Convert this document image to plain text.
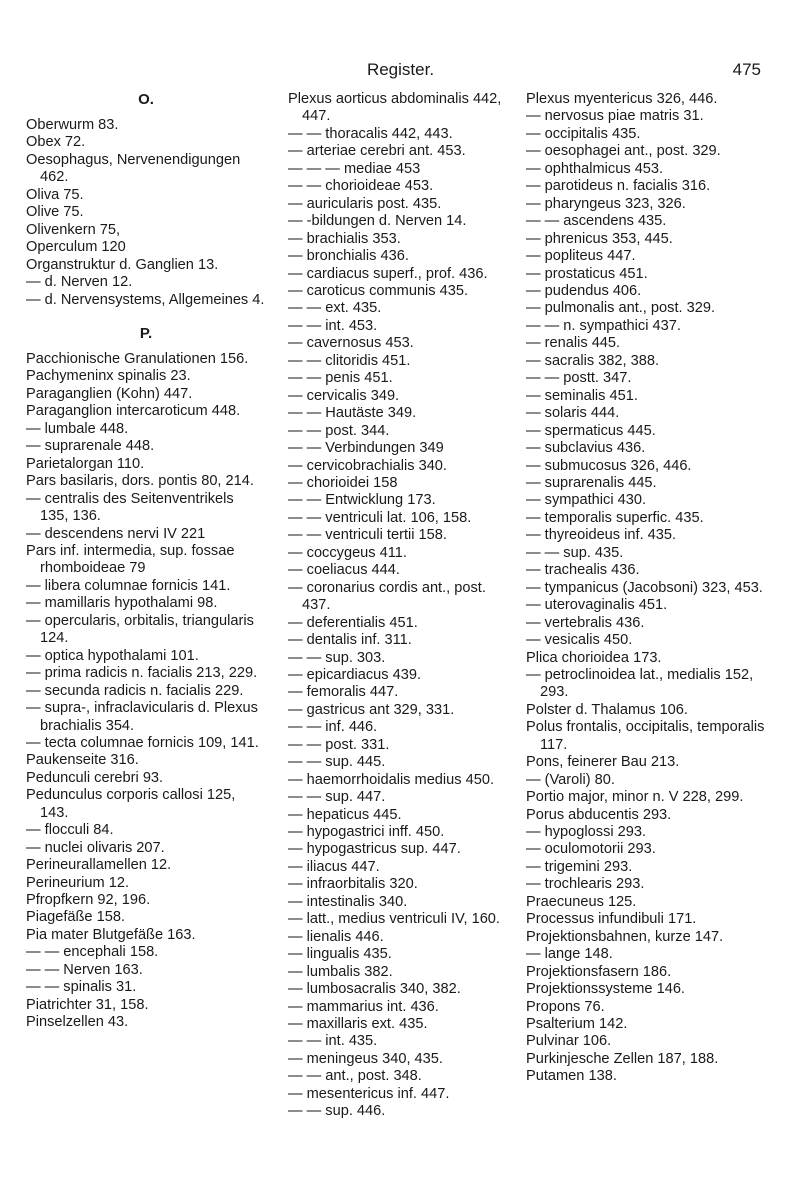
Register.	475
O.
Oberwurm 83.
Obex 72.
Oesophagus, Nervenendigungen 462.
Oliva 75.
Olive 75.
Olivenkern 75,
Operculum 120
Organstruktur d. Ganglien 13.
— d. Nerven 12.
— d. Nervensystems, Allgemeines 4.
P.
Pacchionische Granulationen 156.
Pachymeninx spinalis 23.
Paraganglien (Kohn) 447.
Paraganglion intercaroticum 448.
— lumbale 448.
— suprarenale 448.
Parietalorgan 110.
Pars basilaris, dors. pontis 80, 214.
— centralis des Seitenventrikels 135, 136.
— descendens nervi IV 221
Pars inf. intermedia, sup. fossae rhomboideae 79
— libera columnae fornicis 141.
— mamillaris hypothalami 98.
— opercularis, orbitalis, triangularis 124.
— optica hypothalami 101.
— prima radicis n. facialis 213, 229.
— secunda radicis n. facialis 229.
— supra-, infraclavicularis d. Plexus brachialis 354.
— tecta columnae fornicis 109, 141.
Paukenseite 316.
Pedunculi cerebri 93.
Pedunculus corporis callosi 125, 143.
— flocculi 84.
— nuclei olivaris 207.
Perineurallamellen 12.
Perineurium 12.
Pfropfkern 92, 196.
Piagefäße 158.
Pia mater Blutgefäße 163.
— — encephali 158.
— — Nerven 163.
— — spinalis 31.
Piatrichter 31, 158.
Pinselzellen 43.
Plexus aorticus abdominalis 442, 447.
— — thoracalis 442, 443.
— arteriae cerebri ant. 453.
— — — mediae 453
— — chorioideae 453.
— auricularis post. 435.
— -bildungen d. Nerven 14.
— brachialis 353.
— bronchialis 436.
— cardiacus superf., prof. 436.
— caroticus communis 435.
— — ext. 435.
— — int. 453.
— cavernosus 453.
— — clitoridis 451.
— — penis 451.
— cervicalis 349.
— — Hautäste 349.
— — post. 344.
— — Verbindungen 349
— cervicobrachialis 340.
— chorioidei 158
— — Entwicklung 173.
— — ventriculi lat. 106, 158.
— — ventriculi tertii 158.
— coccygeus 411.
— coeliacus 444.
— coronarius cordis ant., post. 437.
— deferentialis 451.
— dentalis inf. 311.
— — sup. 303.
— epicardiacus 439.
— femoralis 447.
— gastricus ant 329, 331.
— — inf. 446.
— — post. 331.
— — sup. 445.
— haemorrhoidalis medius 450.
— — sup. 447.
— hepaticus 445.
— hypogastrici inff. 450.
— hypogastricus sup. 447.
— iliacus 447.
— infraorbitalis 320.
— intestinalis 340.
— latt., medius ventriculi IV, 160.
— lienalis 446.
— lingualis 435.
— lumbalis 382.
— lumbosacralis 340, 382.
— mammarius int. 436.
— maxillaris ext. 435.
— — int. 435.
— meningeus 340, 435.
— — ant., post. 348.
— mesentericus inf. 447.
— — sup. 446.
Plexus myentericus 326, 446.
— nervosus piae matris 31.
— occipitalis 435.
— oesophagei ant., post. 329.
— ophthalmicus 453.
— parotideus n. facialis 316.
— pharyngeus 323, 326.
— — ascendens 435.
— phrenicus 353, 445.
— popliteus 447.
— prostaticus 451.
— pudendus 406.
— pulmonalis ant., post. 329.
— — n. sympathici 437.
— renalis 445.
— sacralis 382, 388.
— — postt. 347.
— seminalis 451.
— solaris 444.
— spermaticus 445.
— subclavius 436.
— submucosus 326, 446.
— suprarenalis 445.
— sympathici 430.
— temporalis superfic. 435.
— thyreoideus inf. 435.
— — sup. 435.
— trachealis 436.
— tympanicus (Jacobsoni) 323, 453.
— uterovaginalis 451.
— vertebralis 436.
— vesicalis 450.
Plica chorioidea 173.
— petroclinoidea lat., medialis 152, 293.
Polster d. Thalamus 106.
Polus frontalis, occipitalis, temporalis 117.
Pons, feinerer Bau 213.
— (Varoli) 80.
Portio major, minor n. V 228, 299.
Porus abducentis 293.
— hypoglossi 293.
— oculomotorii 293.
— trigemini 293.
— trochlearis 293.
Praecuneus 125.
Processus infundibuli 171.
Projektionsbahnen, kurze 147.
— lange 148.
Projektionsfasern 186.
Projektionssysteme 146.
Propons 76.
Psalterium 142.
Pulvinar 106.
Purkinjesche Zellen 187, 188.
Putamen 138.
